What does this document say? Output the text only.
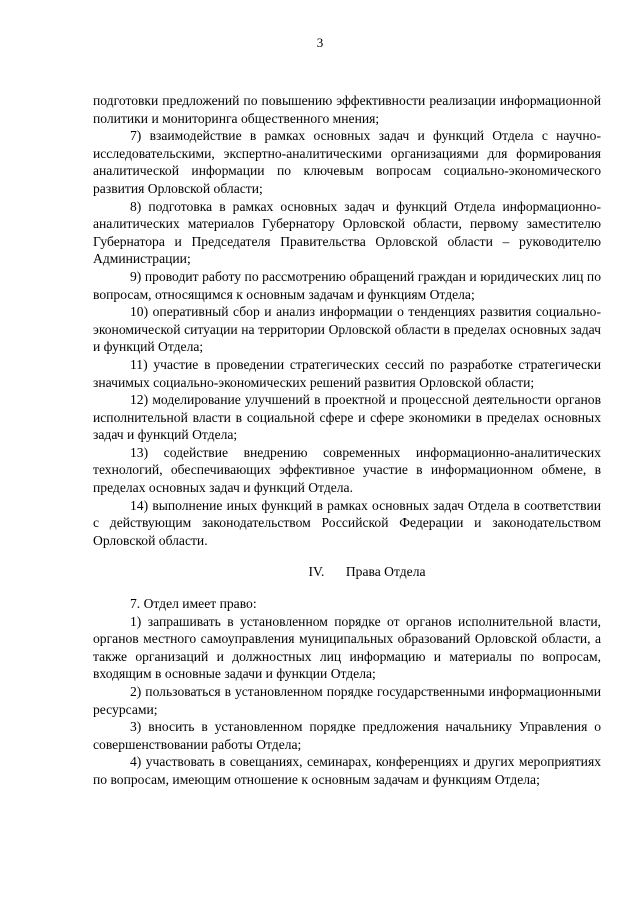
3

подготовки предложений по повышению эффективности реализации информационной политики и мониторинга общественного мнения;

7) взаимодействие в рамках основных задач и функций Отдела с научно-исследовательскими, экспертно-аналитическими организациями для формирования аналитической информации по ключевым вопросам социально-экономического развития Орловской области;

8) подготовка в рамках основных задач и функций Отдела информационно-аналитических материалов Губернатору Орловской области, первому заместителю Губернатора и Председателя Правительства Орловской области – руководителю Администрации;

9) проводит работу по рассмотрению обращений граждан и юридических лиц по вопросам, относящимся к основным задачам и функциям Отдела;

10) оперативный сбор и анализ информации о тенденциях развития социально-экономической ситуации на территории Орловской области в пределах основных задач и функций Отдела;

11) участие в проведении стратегических сессий по разработке стратегически значимых социально-экономических решений развития Орловской области;

12) моделирование улучшений в проектной и процессной деятельности органов исполнительной власти в социальной сфере и сфере экономики в пределах основных задач и функций Отдела;

13) содействие внедрению современных информационно-аналитических технологий, обеспечивающих эффективное участие в информационном обмене, в пределах основных задач и функций Отдела.

14) выполнение иных функций в рамках основных задач Отдела в соответствии с действующим законодательством Российской Федерации и законодательством Орловской области.

IV. Права Отдела

7. Отдел имеет право:

1) запрашивать в установленном порядке от органов исполнительной власти, органов местного самоуправления муниципальных образований Орловской области, а также организаций и должностных лиц информацию и материалы по вопросам, входящим в основные задачи и функции Отдела;

2) пользоваться в установленном порядке государственными информационными ресурсами;

3) вносить в установленном порядке предложения начальнику Управления о совершенствовании работы Отдела;

4) участвовать в совещаниях, семинарах, конференциях и других мероприятиях по вопросам, имеющим отношение к основным задачам и функциям Отдела;
